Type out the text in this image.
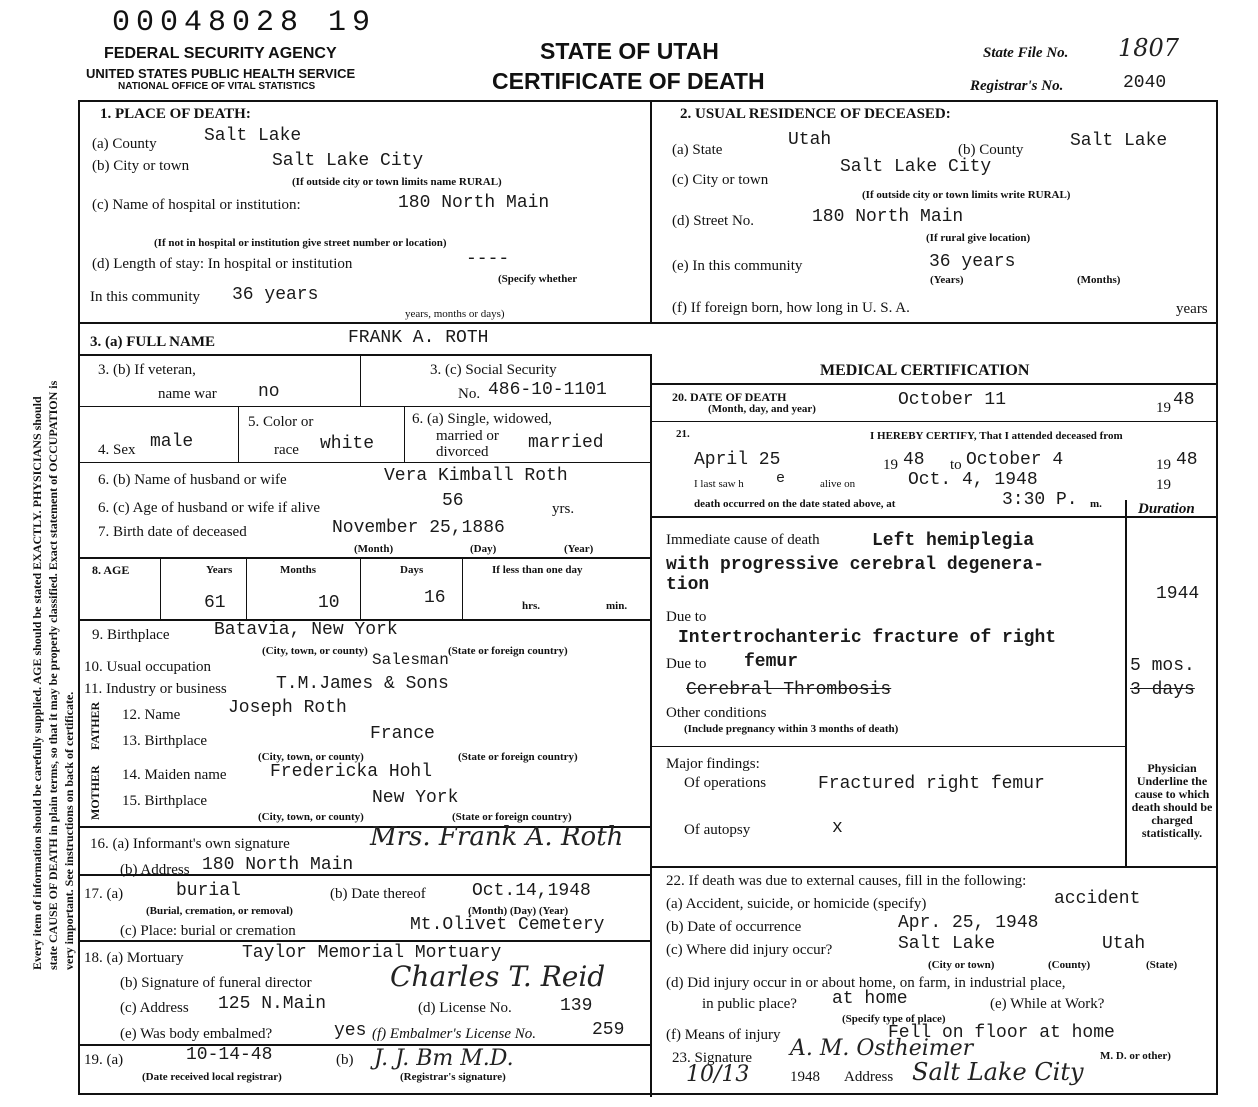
00048028 19
FEDERAL SECURITY AGENCY
UNITED STATES PUBLIC HEALTH SERVICE
NATIONAL OFFICE OF VITAL STATISTICS
STATE OF UTAH
CERTIFICATE OF DEATH
State File No. 1807
Registrar's No.	2040
Every item of information should be carefully supplied. AGE should be stated EXACTLY. PHYSICIANS should state CAUSE OF DEATH in plain terms, so that it may be properly classified. Exact statement of OCCUPATION is very important. See instructions on back of certificate.
1. PLACE OF DEATH:
(a) County	Salt Lake
(b) City or town	Salt Lake City
(If outside city or town limits name RURAL)
(c) Name of hospital or institution:	180 North Main
(If not in hospital or institution give street number or location)
(d) Length of stay: In hospital or institution	----
(Specify whether
In this community 36 years
years, months or days)
2. USUAL RESIDENCE OF DECEASED:
(a) State	Utah	(b) County	Salt Lake
(c) City or town
Salt Lake City
(If outside city or town limits write RURAL)
(d) Street No.	180 North Main
(If rural give location)
(e) In this community	36 years
(Years)	(Months)
(f) If foreign born, how long in U. S. A.	years
3. (a) FULL NAME	FRANK A. ROTH
3. (b) If veteran,
name war no
3. (c) Social Security
No. 486-10-1101
4. Sex male
5. Color or
race white
6. (a) Single, widowed,
married or
divorced married
6. (b) Name of husband or wife	Vera Kimball Roth
6. (c) Age of husband or wife if alive	56	yrs.
7. Birth date of deceased	November 25,1886
(Month)	(Day)	(Year)
8. AGE	Years	Months	Days	If less than one day
61	10	16	hrs.	min.
9. Birthplace Batavia, New York
(City, town, or county)	(State or foreign country)
10. Usual occupation	Salesman
11. Industry or business	T.M.James & Sons
FATHER
MOTHER
12. Name	Joseph Roth
13. Birthplace	France
(City, town, or county)	(State or foreign country)
14. Maiden name Fredericka Hohl
15. Birthplace	New York
(City, town, or county)	(State or foreign country)
16. (a) Informant's own signature	Mrs. Frank A. Roth
(b) Address 180 North Main
17. (a)	burial
(Burial, cremation, or removal)
(b) Date thereof	Oct.14,1948
(Month) (Day) (Year)
(c) Place: burial or cremation	Mt.Olivet Cemetery
18. (a) Mortuary	Taylor Memorial Mortuary
(b) Signature of funeral director	Charles T. Reid
(c) Address 125 N.Main	(d) License No.	139
(e) Was body embalmed?	yes (f) Embalmer's License No.	259
19. (a)	10-14-48
(Date received local registrar)
(b) J. J. Bm M.D.
(Registrar's signature)
MEDICAL CERTIFICATION
20. DATE OF DEATH
(Month, day, and year)	October 11	19 48
21.	I HEREBY CERTIFY, That I attended deceased from
April 25	19 48 to October 4	19 48
I last saw h e	alive on	Oct. 4, 1948	19
death occurred on the date stated above, at	3:30 P. m. Duration
Immediate cause of death	Left hemiplegia
with progressive cerebral degenera-
tion	1944
Due to
Intertrochanteric fracture of right
Due to femur	5 mos.
Cerebral Thrombosis	3 days
Other conditions
(Include pregnancy within 3 months of death)
Major findings:
Of operations	Fractured right femur
Of autopsy	x
Physician Underline the cause to which death should be charged statistically.
22. If death was due to external causes, fill in the following:
(a) Accident, suicide, or homicide (specify)	accident
(b) Date of occurrence	Apr. 25, 1948
(c) Where did injury occur?	Salt Lake	Utah
(City or town)	(County)	(State)
(d) Did injury occur in or about home, on farm, in industrial place,
in public place? at home	(e) While at Work?
(Specify type of place)
(f) Means of injury	Fell on floor at home
23. Signature A. M. Ostheimer	M. D. or other)
10/13	1948 Address Salt Lake City
